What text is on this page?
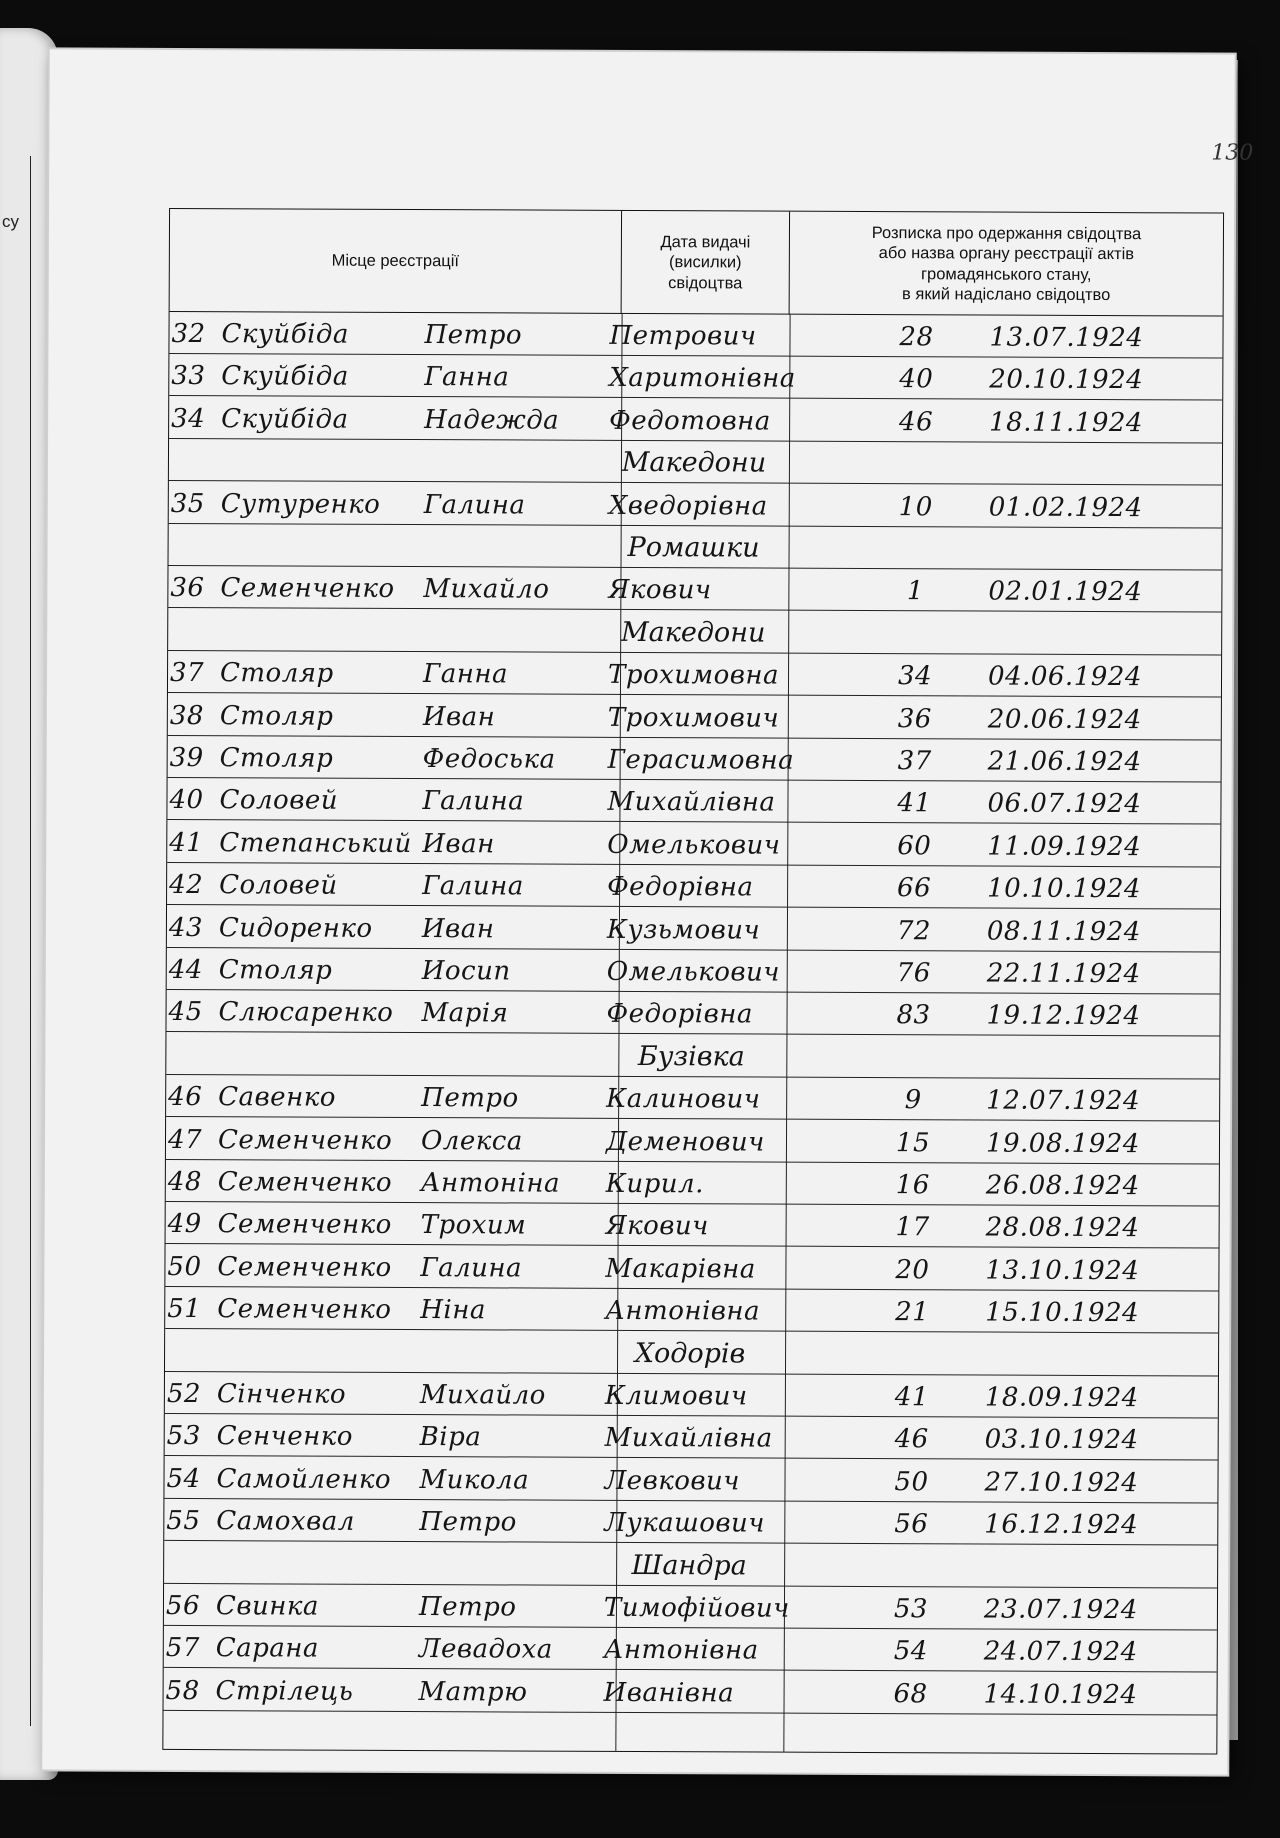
су
130
Місце реєстрації
Дата видачі
(висилки)
свідоцтва
Розписка про одержання свідоцтва
або назва органу реєстрації актів
громадянського стану,
в який надіслано свідоцтво
32 Скуйбіда	Петро	Петрович	28	13.07.1924
33 Скуйбіда	Ганна	Харитонівна	40	20.10.1924
34 Скуйбіда	Надежда Федотовна	46	18.11.1924
Македони
35 Сутуренко Галина	Хведорівна	10	01.02.1924
Ромашки
36 Семенченко Михайло Якович	1	02.01.1924
Македони
37 Столяр	Ганна	Трохимовна	34	04.06.1924
38 Столяр	Иван	Трохимович	36	20.06.1924
39 Столяр	Федоська Герасимовна	37	21.06.1924
40 Соловей	Галина	Михайлівна	41	06.07.1924
41 Степанський Иван	Омелькович	60	11.09.1924
42 Соловей	Галина	Федорівна	66	10.10.1924
43 Сидоренко Иван	Кузьмович	72	08.11.1924
44 Столяр	Иосип	Омелькович	76	22.11.1924
45 Слюсаренко Марія	Федорівна	83	19.12.1924
Бузівка
46 Савенко	Петро	Калинович	9	12.07.1924
47 Семенченко Олекса	Деменович	15	19.08.1924
48 Семенченко Антоніна Кирил.	16	26.08.1924
49 Семенченко Трохим	Якович	17	28.08.1924
50 Семенченко Галина	Макарівна	20	13.10.1924
51 Семенченко Ніна	Антонівна	21	15.10.1924
Ходорів
52 Сінченко	Михайло Климович	41	18.09.1924
53 Сенченко	Віра	Михайлівна	46	03.10.1924
54 Самойленко Микола	Левкович	50	27.10.1924
55 Самохвал Петро	Лукашович	56	16.12.1924
Шандра
56 Свинка	Петро	Тимофійович	53	23.07.1924
57 Сарана	Левадоха Антонівна	54	24.07.1924
58 Стрілець	Матрю	Иванівна	68	14.10.1924
